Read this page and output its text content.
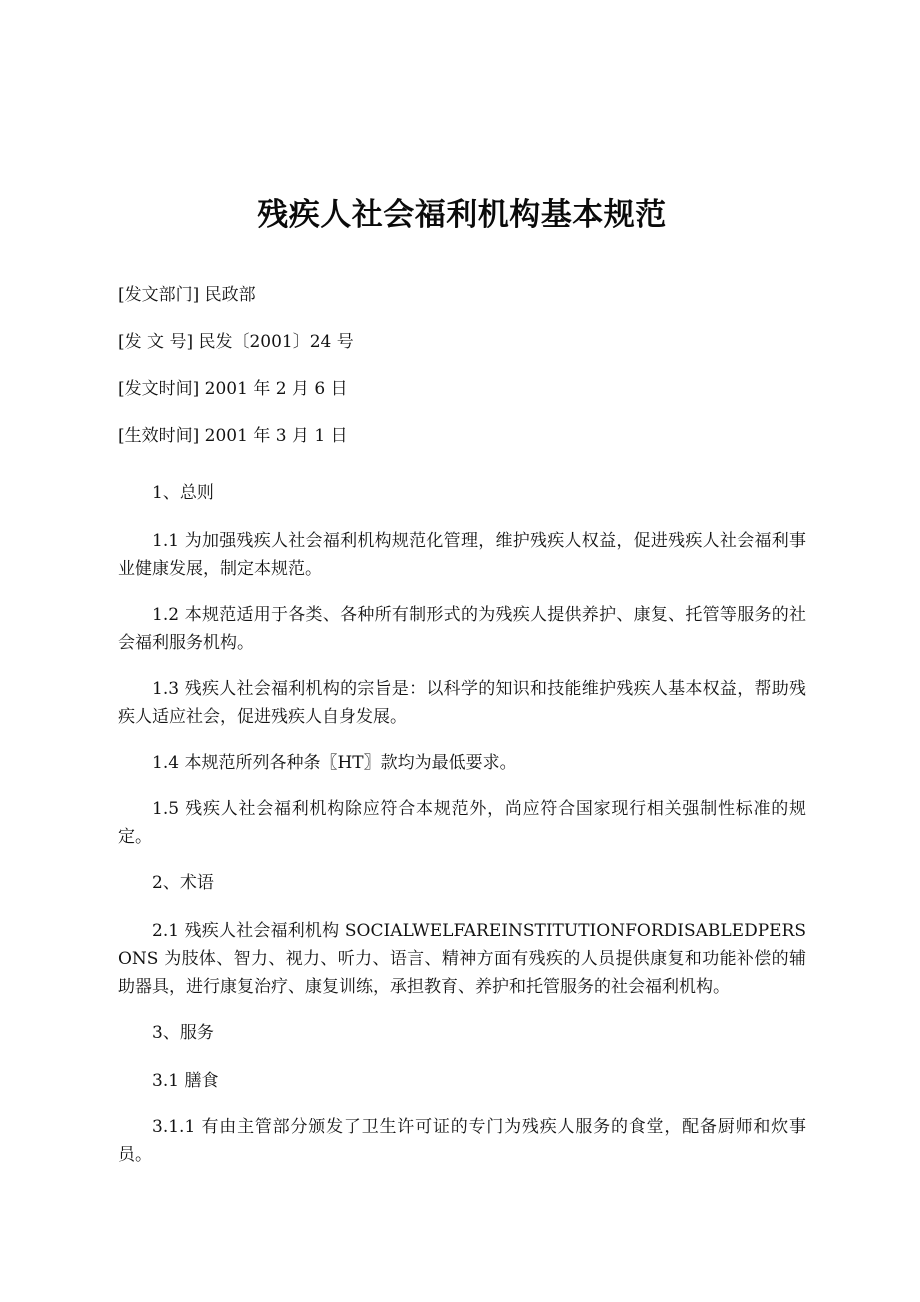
残疾人社会福利机构基本规范

[发文部门] 民政部

[发 文 号] 民发〔2001〕24 号

[发文时间] 2001 年 2 月 6 日

[生效时间] 2001 年 3 月 1 日

1、总则

1.1 为加强残疾人社会福利机构规范化管理，维护残疾人权益，促进残疾人社会福利事业健康发展，制定本规范。

1.2 本规范适用于各类、各种所有制形式的为残疾人提供养护、康复、托管等服务的社会福利服务机构。

1.3 残疾人社会福利机构的宗旨是：以科学的知识和技能维护残疾人基本权益，帮助残疾人适应社会，促进残疾人自身发展。

1.4 本规范所列各种条〖HT〗款均为最低要求。

1.5 残疾人社会福利机构除应符合本规范外，尚应符合国家现行相关强制性标准的规定。

2、术语

2.1 残疾人社会福利机构 SOCIALWELFAREINSTITUTIONFORDISABLEDPERSONS 为肢体、智力、视力、听力、语言、精神方面有残疾的人员提供康复和功能补偿的辅助器具，进行康复治疗、康复训练，承担教育、养护和托管服务的社会福利机构。

3、服务

3.1 膳食

3.1.1 有由主管部分颁发了卫生许可证的专门为残疾人服务的食堂，配备厨师和炊事员。
